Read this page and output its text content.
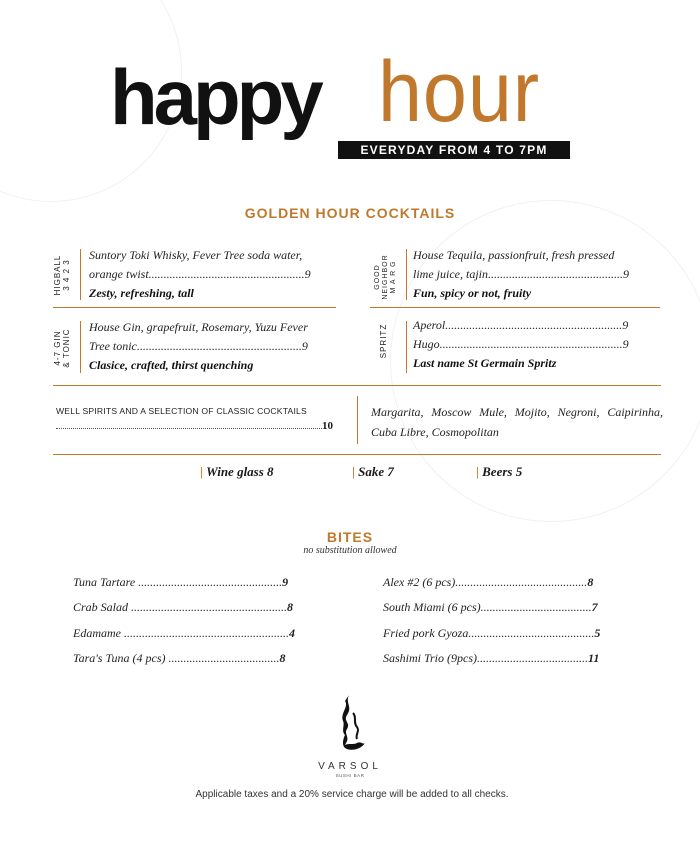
happy hour
EVERYDAY FROM 4 TO 7PM
GOLDEN HOUR COCKTAILS
HIGBALL
3 4 2 3 Suntory Toki Whisky, Fever Tree soda water,
orange twist....................................................9
Zesty, refreshing, tall
GOOD
NEIGHBOR
M A R G
House Tequila, passionfruit, fresh pressed
lime juice, tajin.............................................9
Fun, spicy or not, fruity
4-7 GIN
& TONIC
House Gin, grapefruit, Rosemary, Yuzu Fever
Tree tonic.......................................................9
Clasice, crafted, thirst quenching
SPRITZ Aperol...........................................................9
Hugo.............................................................9
Last name St Germain Spritz
WELL SPIRITS AND A SELECTION OF CLASSIC COCKTAILS
10
Margarita, Moscow Mule, Mojito, Negroni, Caipirinha, Cuba Libre, Cosmopolitan
| Wine glass 8	| Sake 7	| Beers 5
BITES
no substitution allowed
Tuna Tartare ................................................9
Crab Salad ....................................................8
Edamame .......................................................4
Tara's Tuna (4 pcs) .....................................8
Alex #2 (6 pcs)............................................8
South Miami (6 pcs).....................................7
Fried pork Gyoza..........................................5
Sashimi Trio (9pcs).....................................11
VARSOL
SUSHI BAR
Applicable taxes and a 20% service charge will be added to all checks.
